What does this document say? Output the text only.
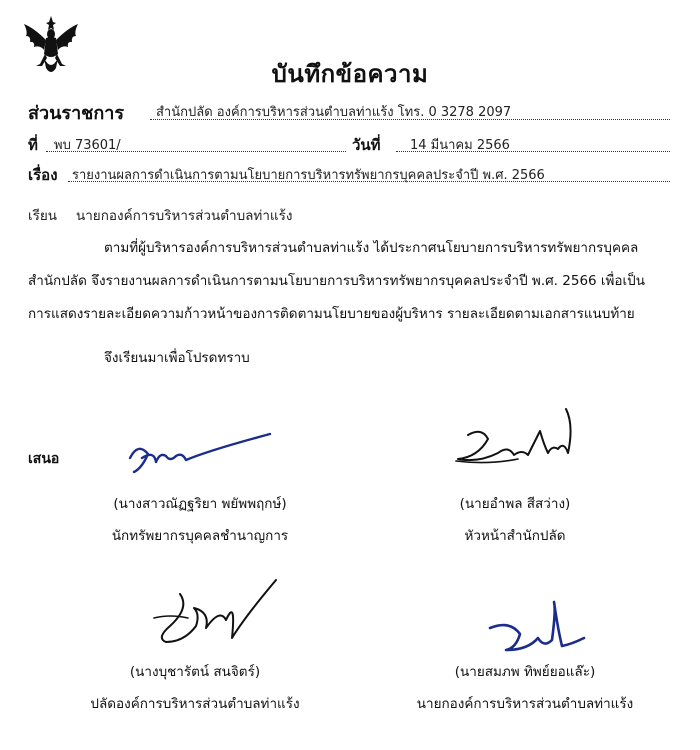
บันทึกข้อความ
ส่วนราชการ สำนักปลัด องค์การบริหารส่วนตำบลท่าแร้ง โทร. 0 3278 2097
ที่ พบ 73601/	วันที่ 14 มีนาคม 2566
เรื่อง รายงานผลการดำเนินการตามนโยบายการบริหารทรัพยากรบุคคลประจำปี พ.ศ. 2566
เรียน นายกองค์การบริหารส่วนตำบลท่าแร้ง
ตามที่ผู้บริหารองค์การบริหารส่วนตำบลท่าแร้ง ได้ประกาศนโยบายการบริหารทรัพยากรบุคคล
สำนักปลัด จึงรายงานผลการดำเนินการตามนโยบายการบริหารทรัพยากรบุคคลประจำปี พ.ศ. 2566 เพื่อเป็น
การแสดงรายละเอียดความก้าวหน้าของการติดตามนโยบายของผู้บริหาร รายละเอียดตามเอกสารแนบท้าย
จึงเรียนมาเพื่อโปรดทราบ
เสนอ
(นางสาวณัฏฐริยา พยัพพฤกษ์)
นักทรัพยากรบุคคลชำนาญการ
(นายอำพล สีสว่าง)
หัวหน้าสำนักปลัด
(นางบุชารัตน์ สนจิตร์)
ปลัดองค์การบริหารส่วนตำบลท่าแร้ง
(นายสมภพ ทิพย์ยอแล๊ะ)
นายกองค์การบริหารส่วนตำบลท่าแร้ง
